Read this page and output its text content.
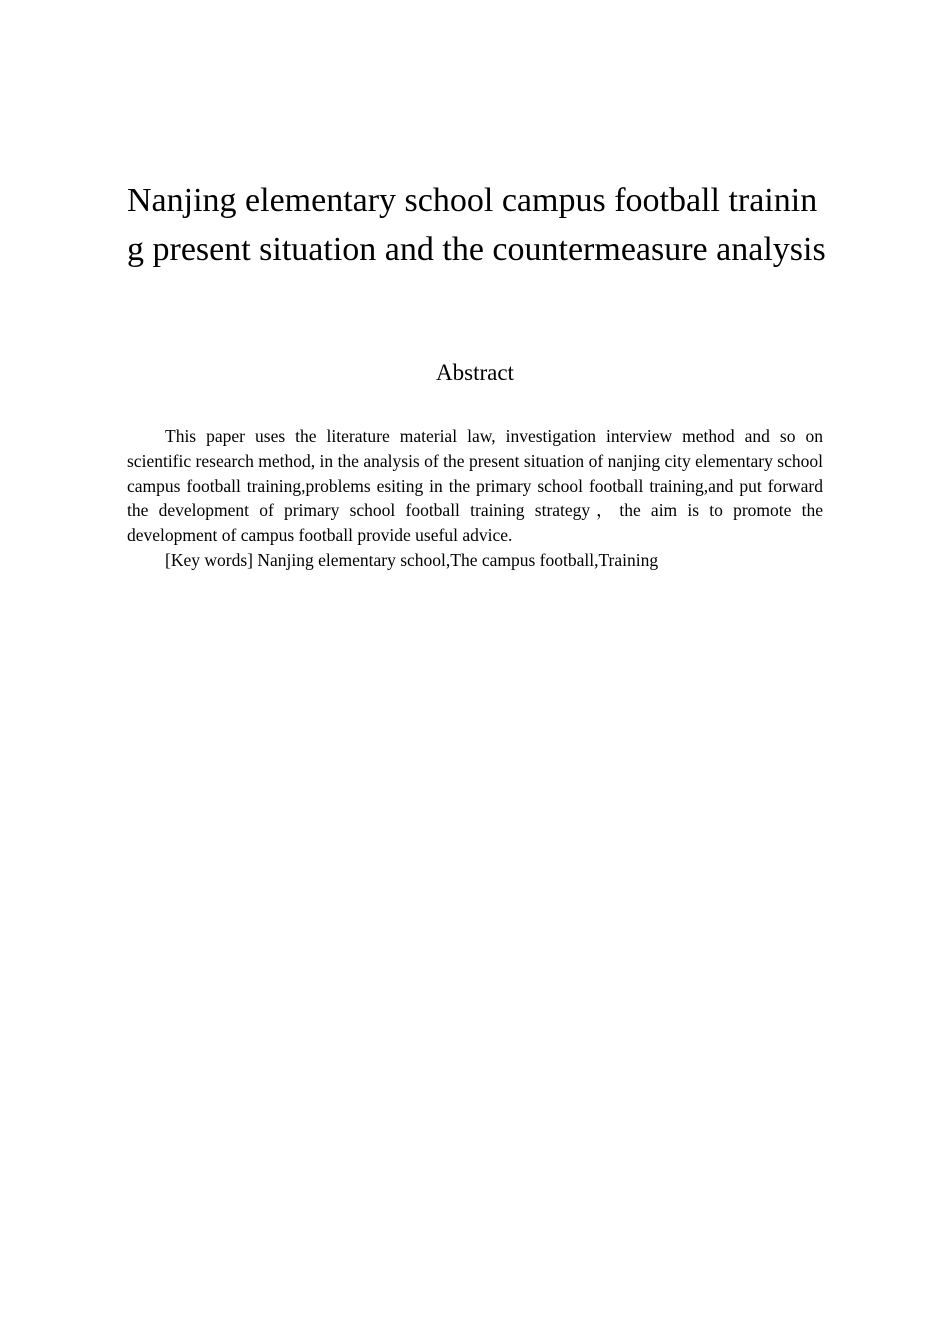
Nanjing elementary school campus football training present situation and the countermeasure analysis
Abstract

This paper uses the literature material law, investigation interview method and so on scientific research method, in the analysis of the present situation of nanjing city elementary school campus football training,problems esiting in the primary school football training,and put forward the development of primary school football training strategy，the aim is to promote the development of campus football provide useful advice.

[Key words] Nanjing elementary school,The campus football,Training
